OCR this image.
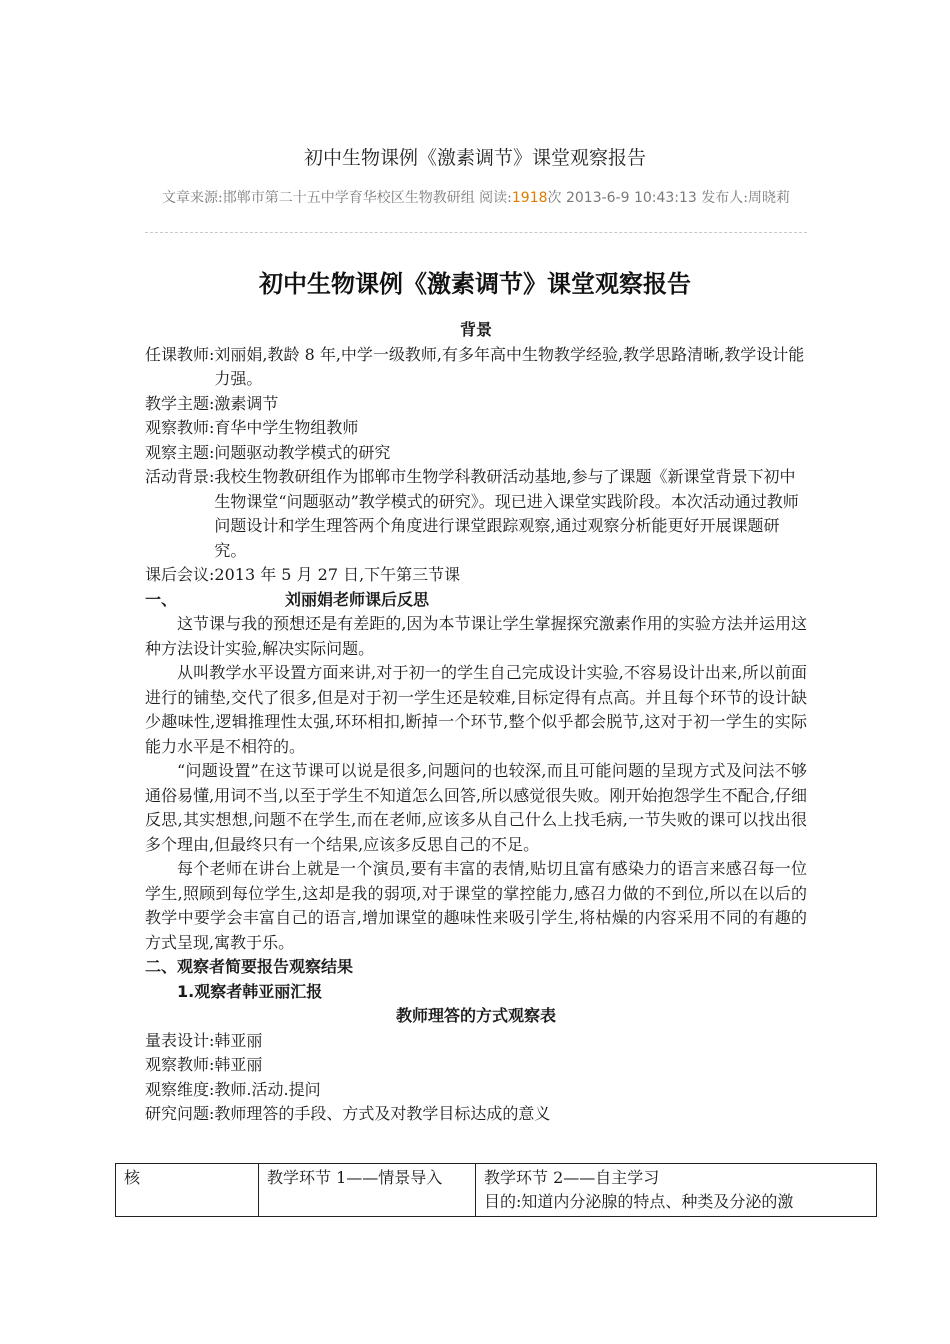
初中生物课例《激素调节》课堂观察报告
文章来源:邯郸市第二十五中学育华校区生物教研组 阅读:1918次 2013-6-9 10:43:13 发布人:周晓莉
初中生物课例《激素调节》课堂观察报告
背景
任课教师: 刘丽娟,教龄 8 年,中学一级教师,有多年高中生物教学经验,教学思路清晰,教学设计能力强。
教学主题: 激素调节
观察教师: 育华中学生物组教师
观察主题: 问题驱动教学模式的研究
活动背景: 我校生物教研组作为邯郸市生物学科教研活动基地,参与了课题《新课堂背景下初中生物课堂“问题驱动”教学模式的研究》。现已进入课堂实践阶段。本次活动通过教师问题设计和学生理答两个角度进行课堂跟踪观察,通过观察分析能更好开展课题研究。
课后会议: 2013 年 5 月 27 日,下午第三节课
一、	刘丽娟老师课后反思
这节课与我的预想还是有差距的,因为本节课让学生掌握探究激素作用的实验方法并运用这种方法设计实验,解决实际问题。
从叫教学水平设置方面来讲,对于初一的学生自己完成设计实验,不容易设计出来,所以前面进行的铺垫,交代了很多,但是对于初一学生还是较难,目标定得有点高。并且每个环节的设计缺少趣味性,逻辑推理性太强,环环相扣,断掉一个环节,整个似乎都会脱节,这对于初一学生的实际能力水平是不相符的。
“问题设置”在这节课可以说是很多,问题问的也较深,而且可能问题的呈现方式及问法不够通俗易懂,用词不当,以至于学生不知道怎么回答,所以感觉很失败。刚开始抱怨学生不配合,仔细反思,其实想想,问题不在学生,而在老师,应该多从自己什么上找毛病,一节失败的课可以找出很多个理由,但最终只有一个结果,应该多反思自己的不足。
每个老师在讲台上就是一个演员,要有丰富的表情,贴切且富有感染力的语言来感召每一位学生,照顾到每位学生,这却是我的弱项,对于课堂的掌控能力,感召力做的不到位,所以在以后的教学中要学会丰富自己的语言,增加课堂的趣味性来吸引学生,将枯燥的内容采用不同的有趣的方式呈现,寓教于乐。
二、观察者简要报告观察结果
1.观察者韩亚丽汇报
教师理答的方式观察表
量表设计: 韩亚丽
观察教师: 韩亚丽
观察维度: 教师.活动.提问
研究问题: 教师理答的手段、方式及对教学目标达成的意义
核	教学环节 1——情景导入	教学环节 2——自主学习
目的:知道内分泌腺的特点、种类及分泌的激
